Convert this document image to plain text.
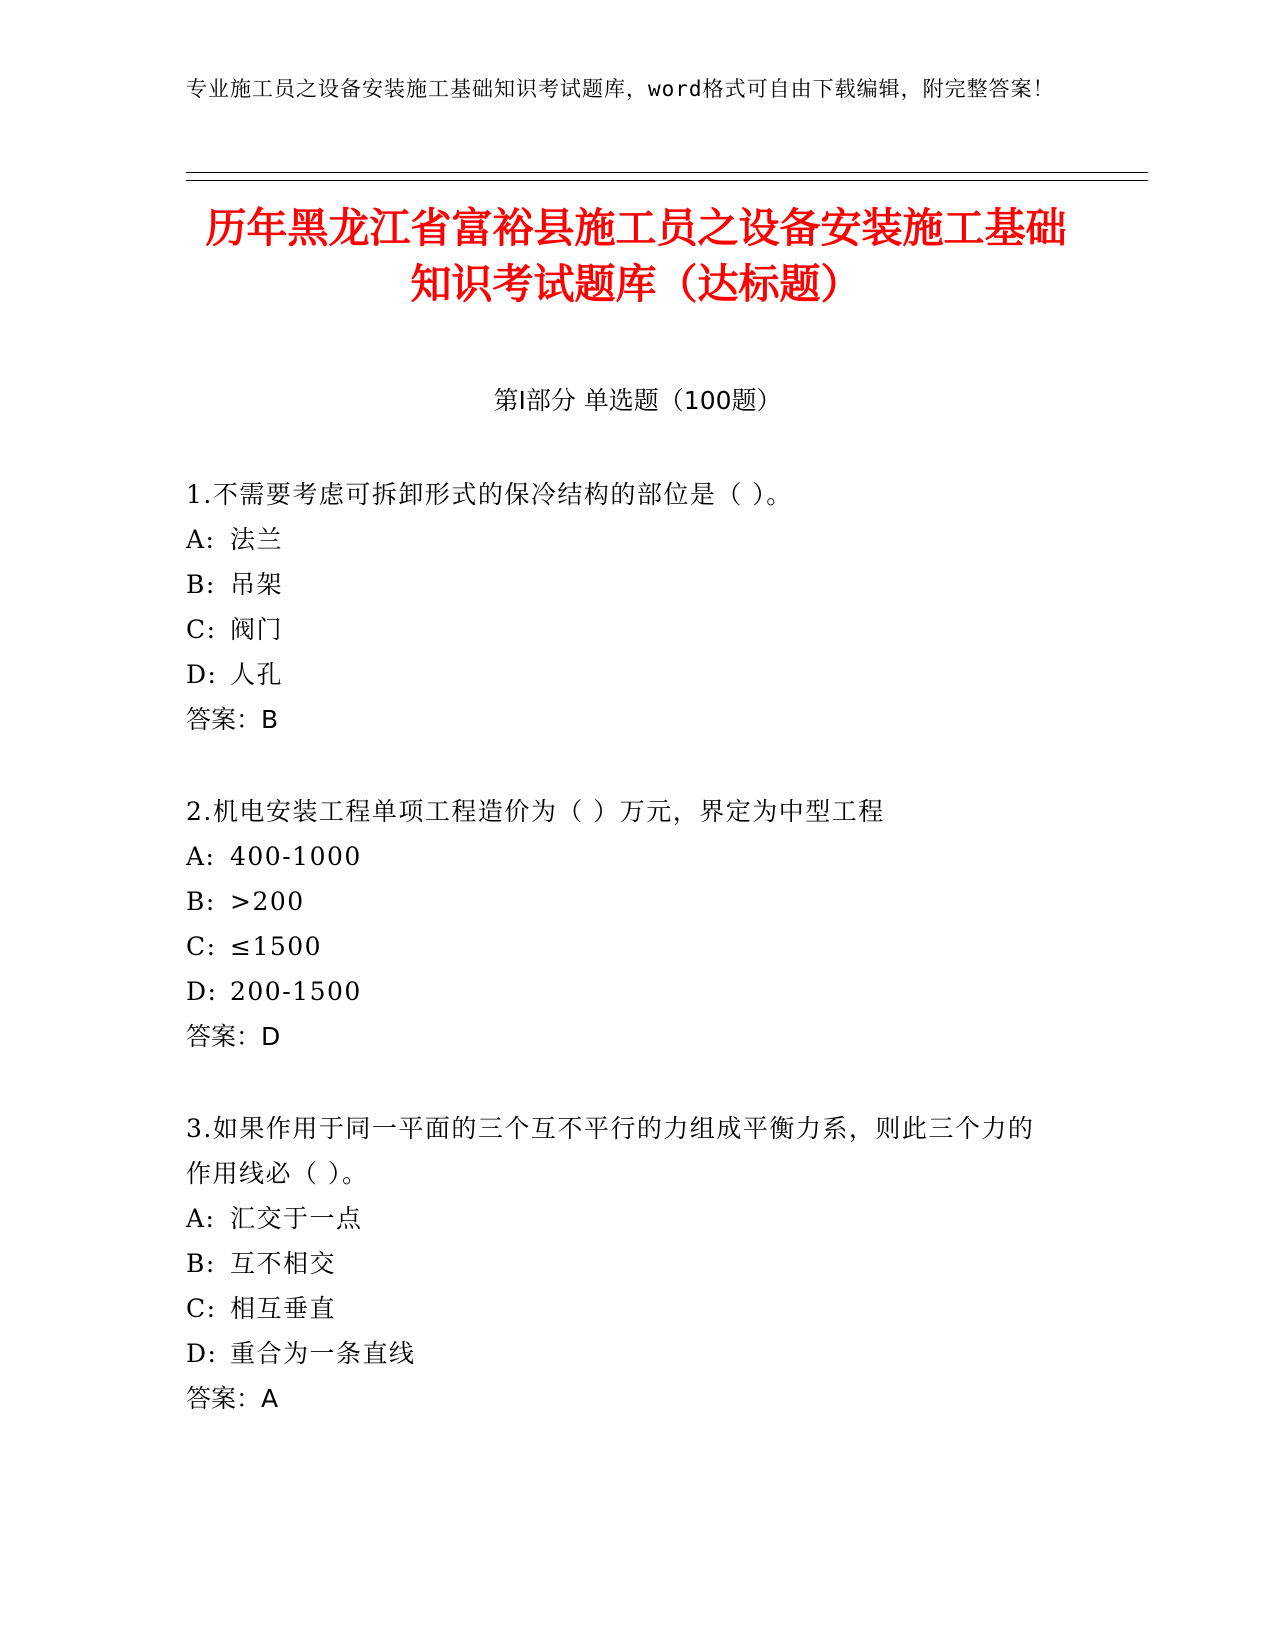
专业施工员之设备安装施工基础知识考试题库，word格式可自由下载编辑，附完整答案！
历年黑龙江省富裕县施工员之设备安装施工基础知识考试题库（达标题）
第Ⅰ部分 单选题（100题）
1.不需要考虑可拆卸形式的保冷结构的部位是（ ）。
A: 法兰
B: 吊架
C: 阀门
D: 人孔
答案：B
2.机电安装工程单项工程造价为（ ）万元，界定为中型工程
A: 400-1000
B: >200
C: ≤1500
D: 200-1500
答案：D
3.如果作用于同一平面的三个互不平行的力组成平衡力系，则此三个力的作用线必（ ）。
A: 汇交于一点
B: 互不相交
C: 相互垂直
D: 重合为一条直线
答案：A
